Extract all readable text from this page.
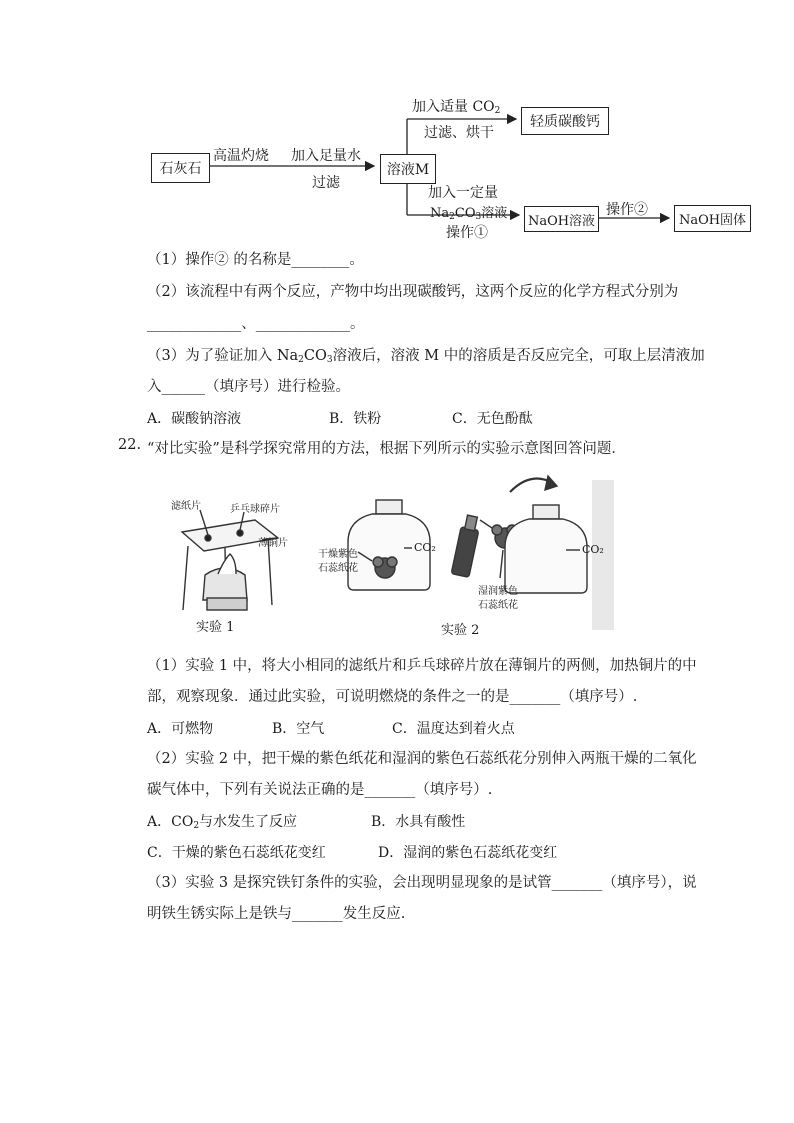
石灰石
高温灼烧 加入足量水
过滤
溶液M
加入适量 $CO_2$
过滤、烘干
轻质碳酸钙
加入一定量
$Na_2CO_3$溶液
操作①
NaOH溶液
操作②
NaOH固体
（1）操作② 的名称是________。
（2）该流程中有两个反应，产物中均出现碳酸钙，这两个反应的化学方程式分别为
_____________、_____________。
（3）为了验证加入 $Na_2CO_3$溶液后，溶液 M 中的溶质是否反应完全，可取上层清液加
入______（填序号）进行检验。
A．碳酸钠溶液	B．铁粉	C．无色酚酞
22. “对比实验”是科学探究常用的方法，根据下列所示的实验示意图回答问题．
滤纸片	乒乓球碎片
薄铜片
实验 1
干燥紫色
石蕊纸花
CO₂
湿润紫色
石蕊纸花
CO₂
实验 2
（1）实验 1 中，将大小相同的滤纸片和乒乓球碎片放在薄铜片的两侧，加热铜片的中
部，观察现象．通过此实验，可说明燃烧的条件之一的是_______（填序号）.
A．可燃物	B．空气	C．温度达到着火点
（2）实验 2 中，把干燥的紫色纸花和湿润的紫色石蕊纸花分别伸入两瓶干燥的二氧化
碳气体中，下列有关说法正确的是_______（填序号）.
A．$CO_2$与水发生了反应	B．水具有酸性
C．干燥的紫色石蕊纸花变红	D．湿润的紫色石蕊纸花变红
（3）实验 3 是探究铁钉条件的实验，会出现明显现象的是试管_______（填序号），说
明铁生锈实际上是铁与_______发生反应.
